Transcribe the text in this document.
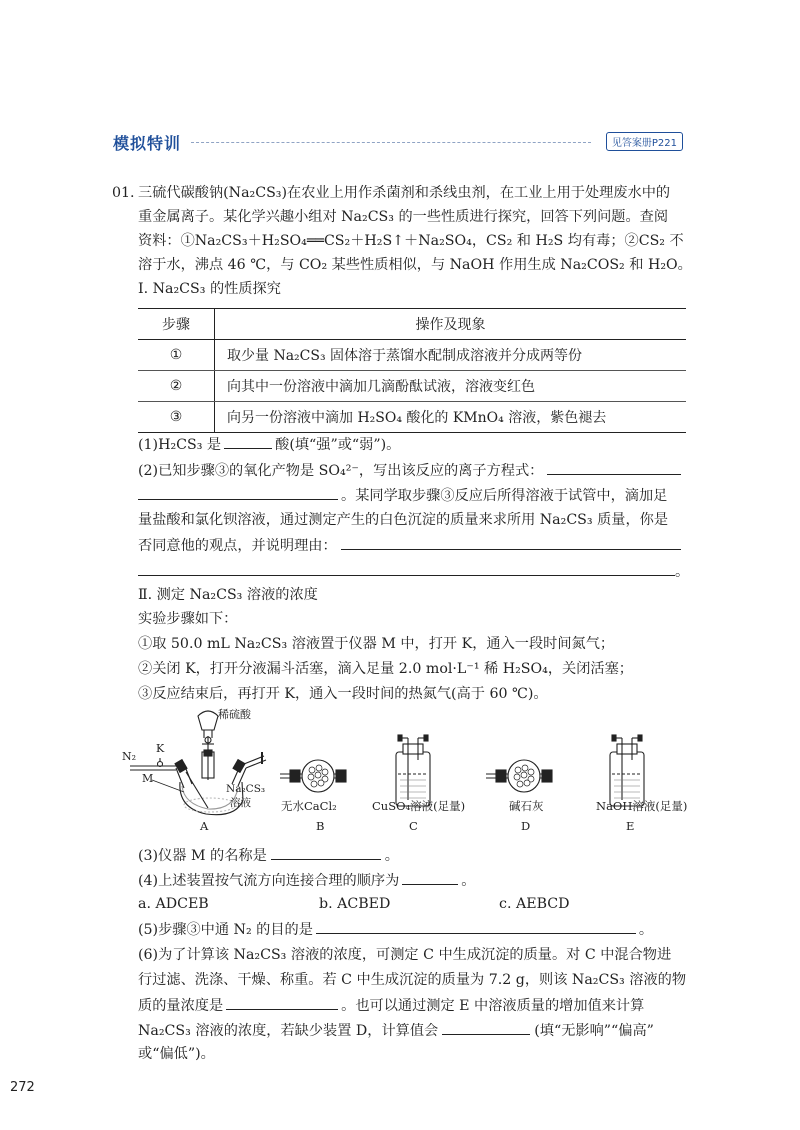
模拟特训	见答案册P221
01. 三硫代碳酸钠(Na₂CS₃)在农业上用作杀菌剂和杀线虫剂，在工业上用于处理废水中的
重金属离子。某化学兴趣小组对 Na₂CS₃ 的一些性质进行探究，回答下列问题。查阅
资料：①Na₂CS₃＋H₂SO₄══CS₂＋H₂S↑＋Na₂SO₄，CS₂ 和 H₂S 均有毒；②CS₂ 不
溶于水，沸点 46 ℃，与 CO₂ 某些性质相似，与 NaOH 作用生成 Na₂COS₂ 和 H₂O。
Ⅰ. Na₂CS₃ 的性质探究
步骤	操作及现象
①	取少量 Na₂CS₃ 固体溶于蒸馏水配制成溶液并分成两等份
②	向其中一份溶液中滴加几滴酚酞试液，溶液变红色
③	向另一份溶液中滴加 H₂SO₄ 酸化的 KMnO₄ 溶液，紫色褪去
(1)H₂CS₃ 是	酸(填“强”或“弱”)。
(2)已知步骤③的氧化产物是 SO₄²⁻，写出该反应的离子方程式：
。某同学取步骤③反应后所得溶液于试管中，滴加足
量盐酸和氯化钡溶液，通过测定产生的白色沉淀的质量来求所用 Na₂CS₃ 质量，你是
否同意他的观点，并说明理由：
。
Ⅱ. 测定 Na₂CS₃ 溶液的浓度
实验步骤如下：
①取 50.0 mL Na₂CS₃ 溶液置于仪器 M 中，打开 K，通入一段时间氮气；
②关闭 K，打开分液漏斗活塞，滴入足量 2.0 mol·L⁻¹ 稀 H₂SO₄，关闭活塞；
③反应结束后，再打开 K，通入一段时间的热氮气(高于 60 ℃)。
稀硫酸
N₂
K
M
Na₂CS₃
溶液	无水CaCl₂	CuSO₄溶液(足量)	碱石灰	NaOH溶液(足量)
A	B	C	D	E
(3)仪器 M 的名称是	。
(4)上述装置按气流方向连接合理的顺序为	。
a. ADCEB	b. ACBED	c. AEBCD
(5)步骤③中通 N₂ 的目的是	。
(6)为了计算该 Na₂CS₃ 溶液的浓度，可测定 C 中生成沉淀的质量。对 C 中混合物进
行过滤、洗涤、干燥、称重。若 C 中生成沉淀的质量为 7.2 g，则该 Na₂CS₃ 溶液的物
质的量浓度是	。也可以通过测定 E 中溶液质量的增加值来计算
Na₂CS₃ 溶液的浓度，若缺少装置 D，计算值会	(填“无影响”“偏高”
或“偏低”)。
272
